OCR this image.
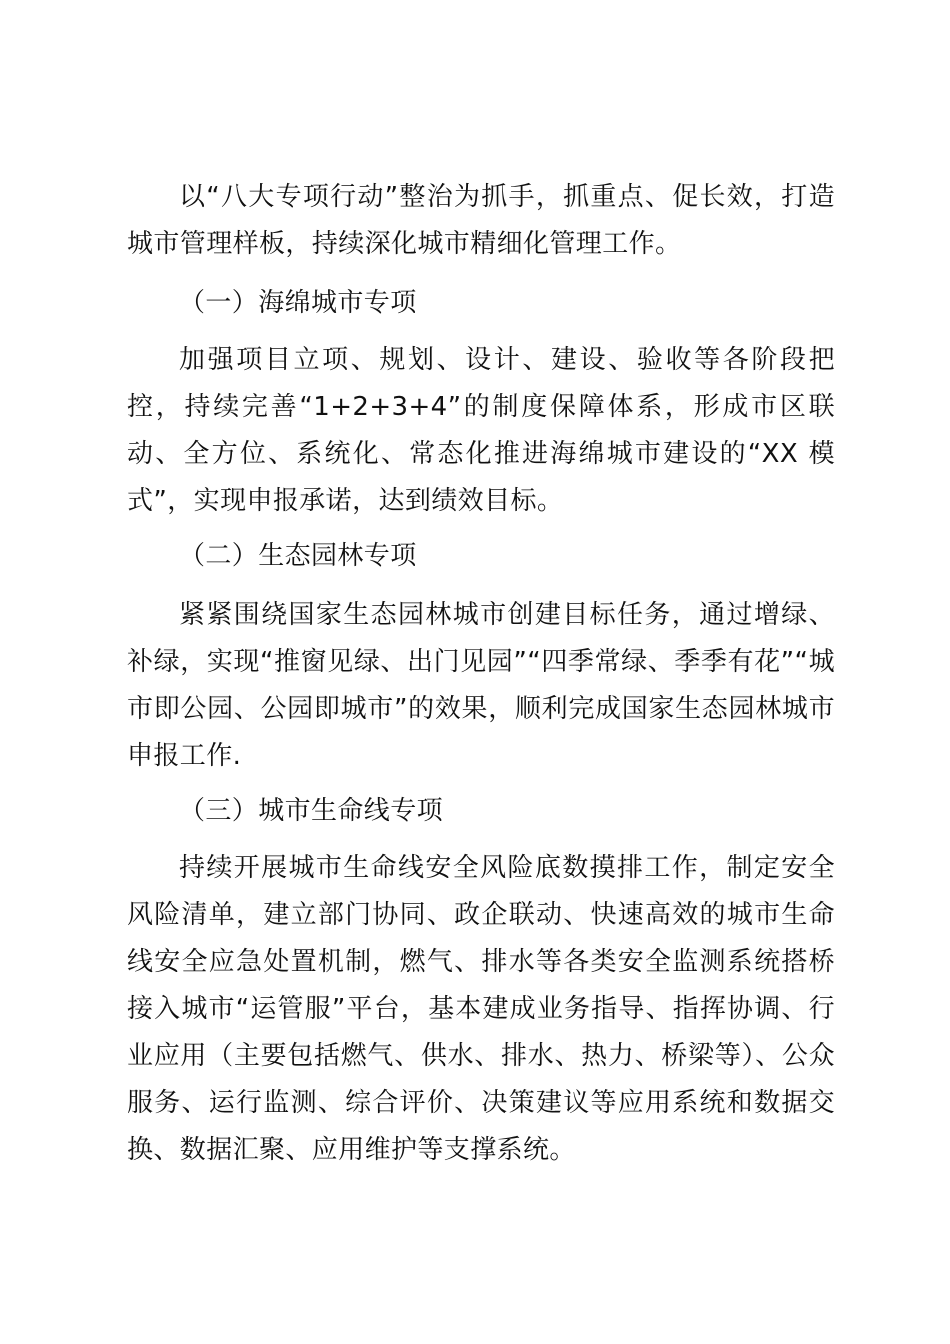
以“八大专项行动”整治为抓手，抓重点、促长效，打造城市管理样板，持续深化城市精细化管理工作。

（一）海绵城市专项

加强项目立项、规划、设计、建设、验收等各阶段把控，持续完善“1+2+3+4”的制度保障体系，形成市区联动、全方位、系统化、常态化推进海绵城市建设的“XX 模式”，实现申报承诺，达到绩效目标。

（二）生态园林专项

紧紧围绕国家生态园林城市创建目标任务，通过增绿、补绿，实现“推窗见绿、出门见园”“四季常绿、季季有花”“城市即公园、公园即城市”的效果，顺利完成国家生态园林城市申报工作.

（三）城市生命线专项

持续开展城市生命线安全风险底数摸排工作，制定安全风险清单，建立部门协同、政企联动、快速高效的城市生命线安全应急处置机制，燃气、排水等各类安全监测系统搭桥接入城市“运管服”平台，基本建成业务指导、指挥协调、行业应用（主要包括燃气、供水、排水、热力、桥梁等）、公众服务、运行监测、综合评价、决策建议等应用系统和数据交换、数据汇聚、应用维护等支撑系统。
